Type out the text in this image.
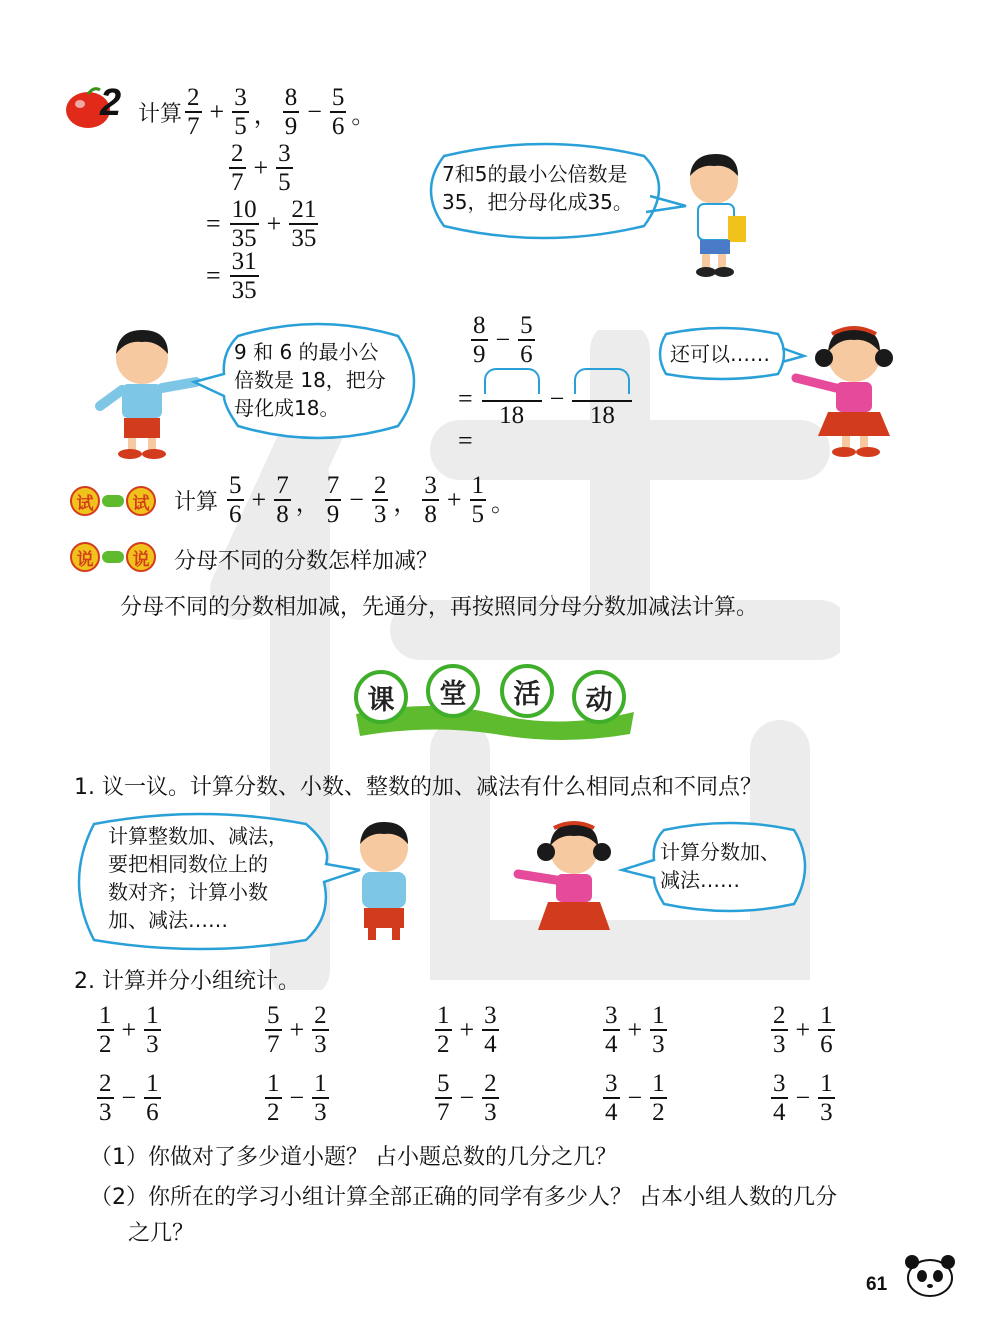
2 计算 $\frac{2}{7} + \frac{3}{5}$ ， $\frac{8}{9} - \frac{5}{6}$ 。
$\frac{2}{7} + \frac{3}{5}$
= $\frac{10}{35} + \frac{21}{35}$
= $\frac{31}{35}$
7和5的最小公倍数是
35，把分母化成35。
9 和 6 的最小公
倍数是 18，把分
母化成18。
$\frac{8}{9} - \frac{5}{6}$
=
18
−
18
=
还可以……
试	试 计算 $\frac{5}{6} + \frac{7}{8}$ ， $\frac{7}{9} - \frac{2}{3}$ ， $\frac{3}{8} + \frac{1}{5}$ 。
说	说 分母不同的分数怎样加减？
分母不同的分数相加减，先通分，再按照同分母分数加减法计算。
课	堂	活	动
1. 议一议。计算分数、小数、整数的加、减法有什么相同点和不同点？
计算整数加、减法，
要把相同数位上的
数对齐；计算小数
加、减法……
计算分数加、
减法……
2. 计算并分小组统计。
$\frac{1}{2} + \frac{1}{3}$	$\frac{5}{7} + \frac{2}{3}$	$\frac{1}{2} + \frac{3}{4}$	$\frac{3}{4} + \frac{1}{3}$	$\frac{2}{3} + \frac{1}{6}$
$\frac{2}{3} - \frac{1}{6}$	$\frac{1}{2} - \frac{1}{3}$	$\frac{5}{7} - \frac{2}{3}$	$\frac{3}{4} - \frac{1}{2}$	$\frac{3}{4} - \frac{1}{3}$
（1）你做对了多少道小题？ 占小题总数的几分之几？
（2）你所在的学习小组计算全部正确的同学有多少人？ 占本小组人数的几分
之几？
61
